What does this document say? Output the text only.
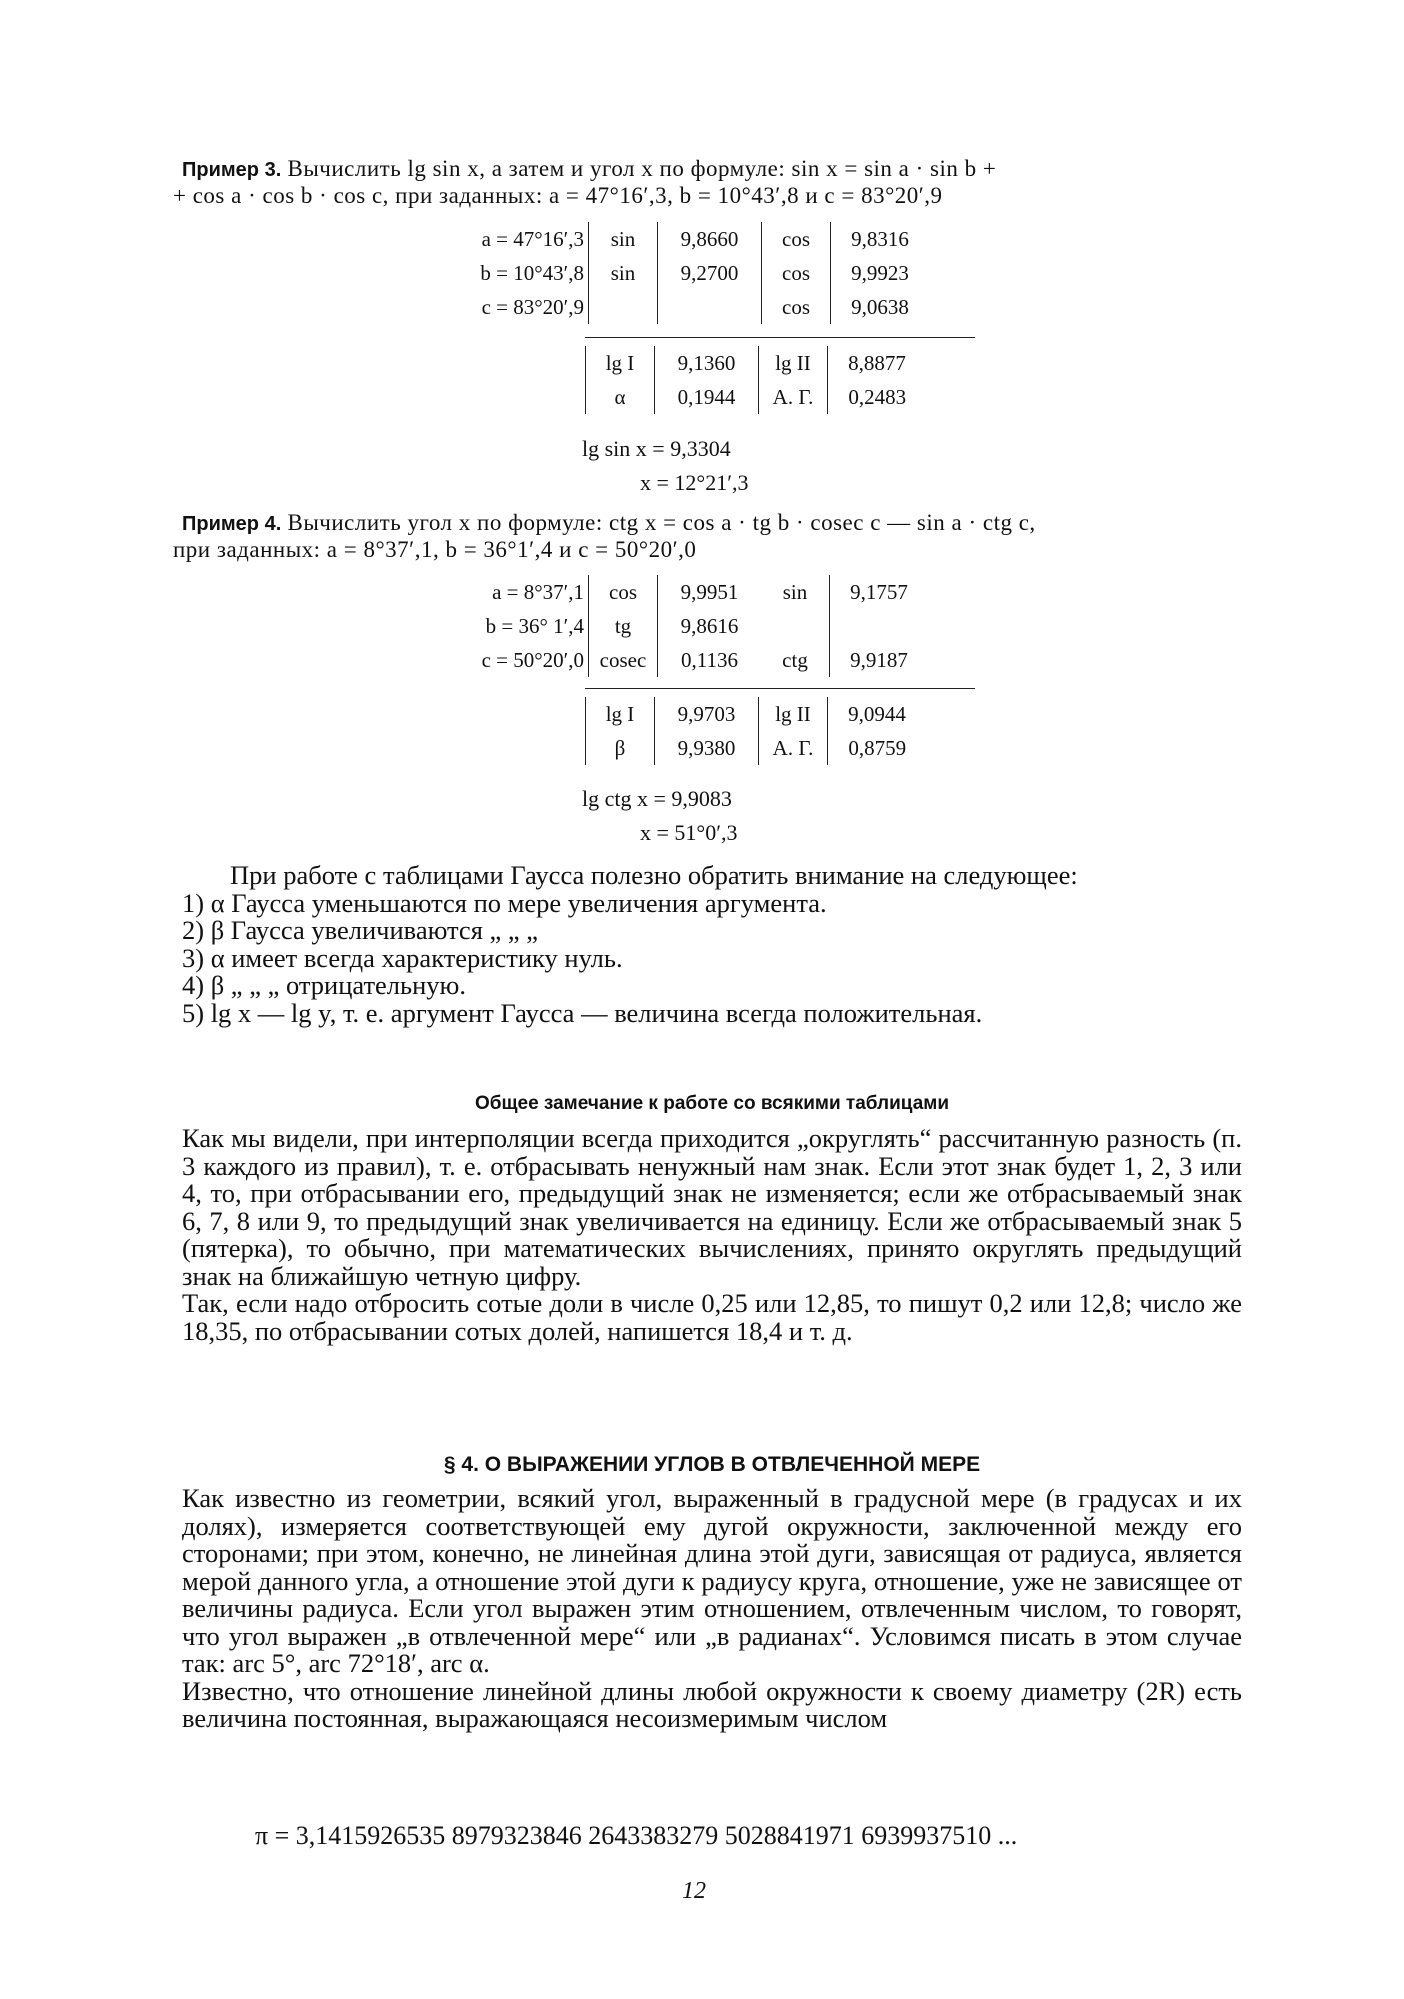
Пример 3. Вычислить lg sin x, а затем и угол x по формуле: sin x = sin a · sin b +
+ cos a · cos b · cos c, при заданных: a = 47°16′,3, b = 10°43′,8 и c = 83°20′,9
a = 47°16′,3	sin	9,8660	cos	9,8316
b = 10°43′,8	sin	9,2700	cos	9,9923
c = 83°20′,9			cos	9,0638
lg I	9,1360	lg II	8,8877
α	0,1944	А. Г.	0,2483
lg sin x = 9,3304
x = 12°21′,3
Пример 4. Вычислить угол x по формуле: ctg x = cos a · tg b · cosec c — sin a · ctg c,
при заданных: a = 8°37′,1, b = 36°1′,4 и c = 50°20′,0
a = 8°37′,1	cos	9,9951	sin	9,1757
b = 36° 1′,4	tg	9,8616		
c = 50°20′,0	cosec	0,1136	ctg	9,9187
lg I	9,9703	lg II	9,0944
β	9,9380	А. Г.	0,8759
lg ctg x = 9,9083
x = 51°0′,3

При работе с таблицами Гаусса полезно обратить внимание на следующее:

1) α Гаусса уменьшаются по мере увеличения аргумента.

2) β Гаусса увеличиваются „ „ „

3) α имеет всегда характеристику нуль.

4) β „ „ „ отрицательную.

5) lg x — lg y, т. е. аргумент Гаусса — величина всегда положительная.

Общее замечание к работе со всякими таблицами

Как мы видели, при интерполяции всегда приходится „округлять“ рассчитанную разность (п. 3 каждого из правил), т. е. отбрасывать ненужный нам знак. Если этот знак будет 1, 2, 3 или 4, то, при отбрасывании его, предыдущий знак не изменяется; если же отбрасываемый знак 6, 7, 8 или 9, то предыдущий знак увеличивается на единицу. Если же отбрасываемый знак 5 (пятерка), то обычно, при математических вычислениях, принято округлять предыдущий знак на ближайшую четную цифру.

Так, если надо отбросить сотые доли в числе 0,25 или 12,85, то пишут 0,2 или 12,8; число же 18,35, по отбрасывании сотых долей, напишется 18,4 и т. д.

§ 4. О ВЫРАЖЕНИИ УГЛОВ В ОТВЛЕЧЕННОЙ МЕРЕ

Как известно из геометрии, всякий угол, выраженный в градусной мере (в градусах и их долях), измеряется соответствующей ему дугой окружности, заключенной между его сторонами; при этом, конечно, не линейная длина этой дуги, зависящая от радиуса, является мерой данного угла, а отношение этой дуги к радиусу круга, отношение, уже не зависящее от величины радиуса. Если угол выражен этим отношением, отвлеченным числом, то говорят, что угол выражен „в отвлеченной мере“ или „в радианах“. Условимся писать в этом случае так: arc 5°, arc 72°18′, arc α.

Известно, что отношение линейной длины любой окружности к своему диаметру (2R) есть величина постоянная, выражающаяся несоизмеримым числом

π = 3,1415926535 8979323846 2643383279 5028841971 6939937510 ...
12
